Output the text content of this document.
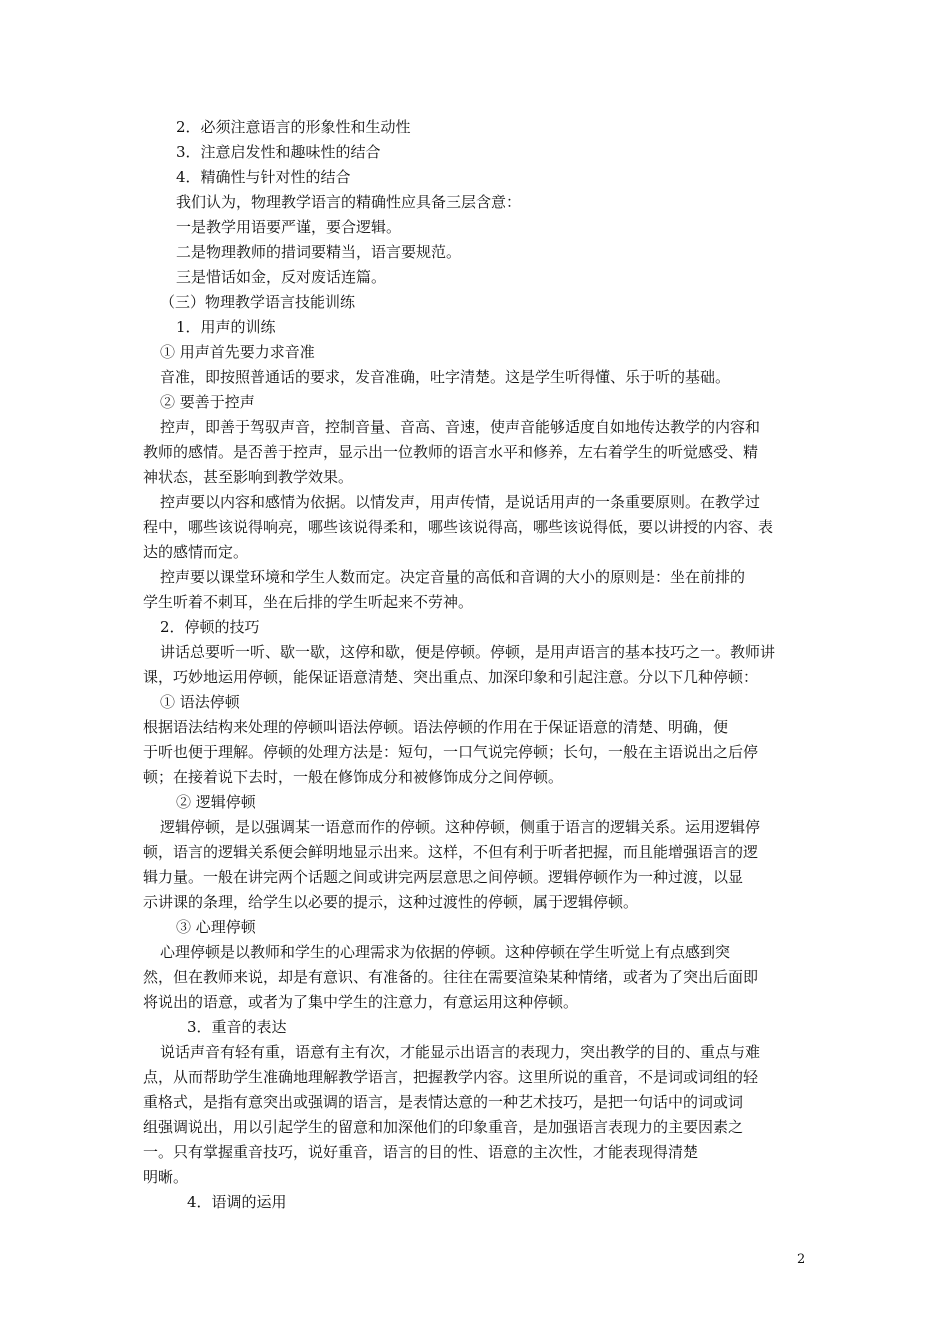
2．必须注意语言的形象性和生动性
3．注意启发性和趣味性的结合
4．精确性与针对性的结合
我们认为，物理教学语言的精确性应具备三层含意：
一是教学用语要严谨，要合逻辑。
二是物理教师的措词要精当，语言要规范。
三是惜话如金，反对废话连篇。
（三）物理教学语言技能训练
1．用声的训练
① 用声首先要力求音准
音准，即按照普通话的要求，发音准确，吐字清楚。这是学生听得懂、乐于听的基础。
② 要善于控声
控声，即善于驾驭声音，控制音量、音高、音速，使声音能够适度自如地传达教学的内容和
教师的感情。是否善于控声，显示出一位教师的语言水平和修养，左右着学生的听觉感受、精
神状态，甚至影响到教学效果。
控声要以内容和感情为依据。以情发声，用声传情，是说话用声的一条重要原则。在教学过
程中，哪些该说得响亮，哪些该说得柔和，哪些该说得高，哪些该说得低，要以讲授的内容、表
达的感情而定。
控声要以课堂环境和学生人数而定。决定音量的高低和音调的大小的原则是：坐在前排的
学生听着不刺耳，坐在后排的学生听起来不劳神。
2．停顿的技巧
讲话总要听一听、歇一歇，这停和歇，便是停顿。停顿，是用声语言的基本技巧之一。教师讲
课，巧妙地运用停顿，能保证语意清楚、突出重点、加深印象和引起注意。分以下几种停顿：
① 语法停顿
根据语法结构来处理的停顿叫语法停顿。语法停顿的作用在于保证语意的清楚、明确，便
于听也便于理解。停顿的处理方法是：短句，一口气说完停顿；长句，一般在主语说出之后停
顿；在接着说下去时，一般在修饰成分和被修饰成分之间停顿。
② 逻辑停顿
逻辑停顿，是以强调某一语意而作的停顿。这种停顿，侧重于语言的逻辑关系。运用逻辑停
顿，语言的逻辑关系便会鲜明地显示出来。这样，不但有利于听者把握，而且能增强语言的逻
辑力量。一般在讲完两个话题之间或讲完两层意思之间停顿。逻辑停顿作为一种过渡，以显
示讲课的条理，给学生以必要的提示，这种过渡性的停顿，属于逻辑停顿。
③ 心理停顿
心理停顿是以教师和学生的心理需求为依据的停顿。这种停顿在学生听觉上有点感到突
然，但在教师来说，却是有意识、有准备的。往往在需要渲染某种情绪，或者为了突出后面即
将说出的语意，或者为了集中学生的注意力，有意运用这种停顿。
3．重音的表达
说话声音有轻有重，语意有主有次，才能显示出语言的表现力，突出教学的目的、重点与难
点，从而帮助学生准确地理解教学语言，把握教学内容。这里所说的重音，不是词或词组的轻
重格式，是指有意突出或强调的语言，是表情达意的一种艺术技巧，是把一句话中的词或词
组强调说出，用以引起学生的留意和加深他们的印象重音，是加强语言表现力的主要因素之
一。只有掌握重音技巧，说好重音，语言的目的性、语意的主次性，才能表现得清楚
明晰。
4．语调的运用
2
